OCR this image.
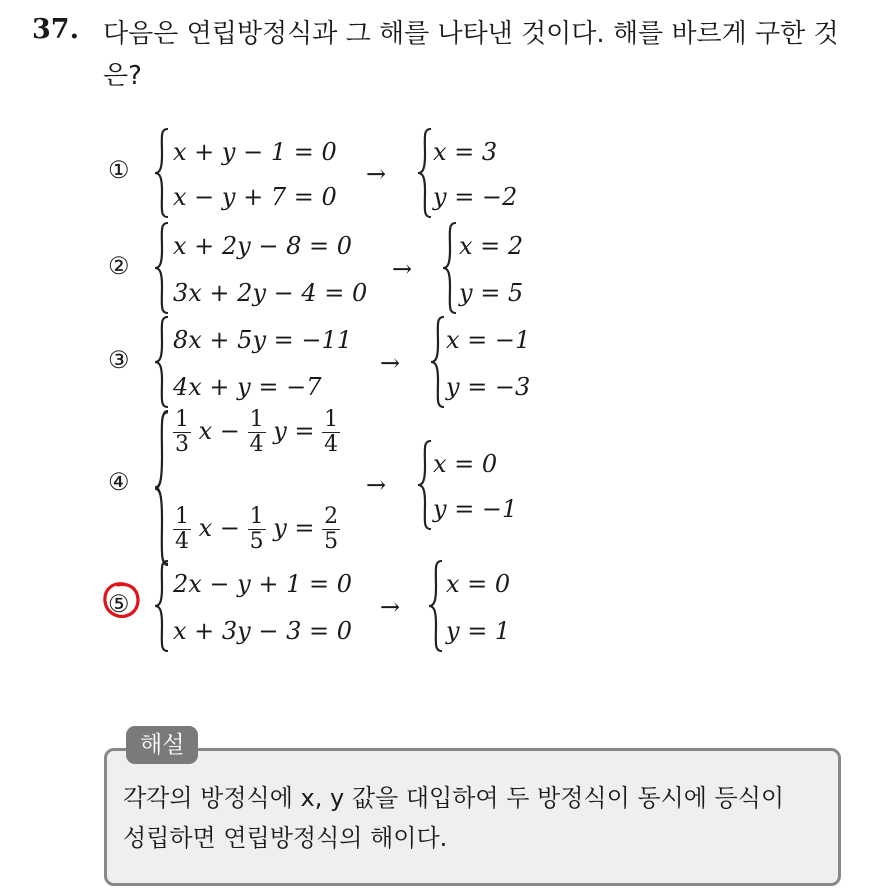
37. 다음은 연립방정식과 그 해를 나타낸 것이다. 해를 바르게 구한 것은?
①
x + y − 1 = 0
x − y + 7 = 0
→
x = 3
y = −2
②
x + 2y − 8 = 0
3x + 2y − 4 = 0
→
x = 2
y = 5
③
8x + 5y = −11
4x + y = −7
→
x = −1
y = −3
④
$\frac{1}{3}$ $x - \frac{1}{4}$ $y = \frac{1}{4}$
$\frac{1}{4}$ $x - \frac{1}{5}$ $y = \frac{2}{5}$
→
x = 0
y = −1
⑤
2x − y + 1 = 0
x + 3y − 3 = 0
→
x = 0
y = 1
해설
각각의 방정식에 x, y 값을 대입하여 두 방정식이 동시에 등식이
성립하면 연립방정식의 해이다.
